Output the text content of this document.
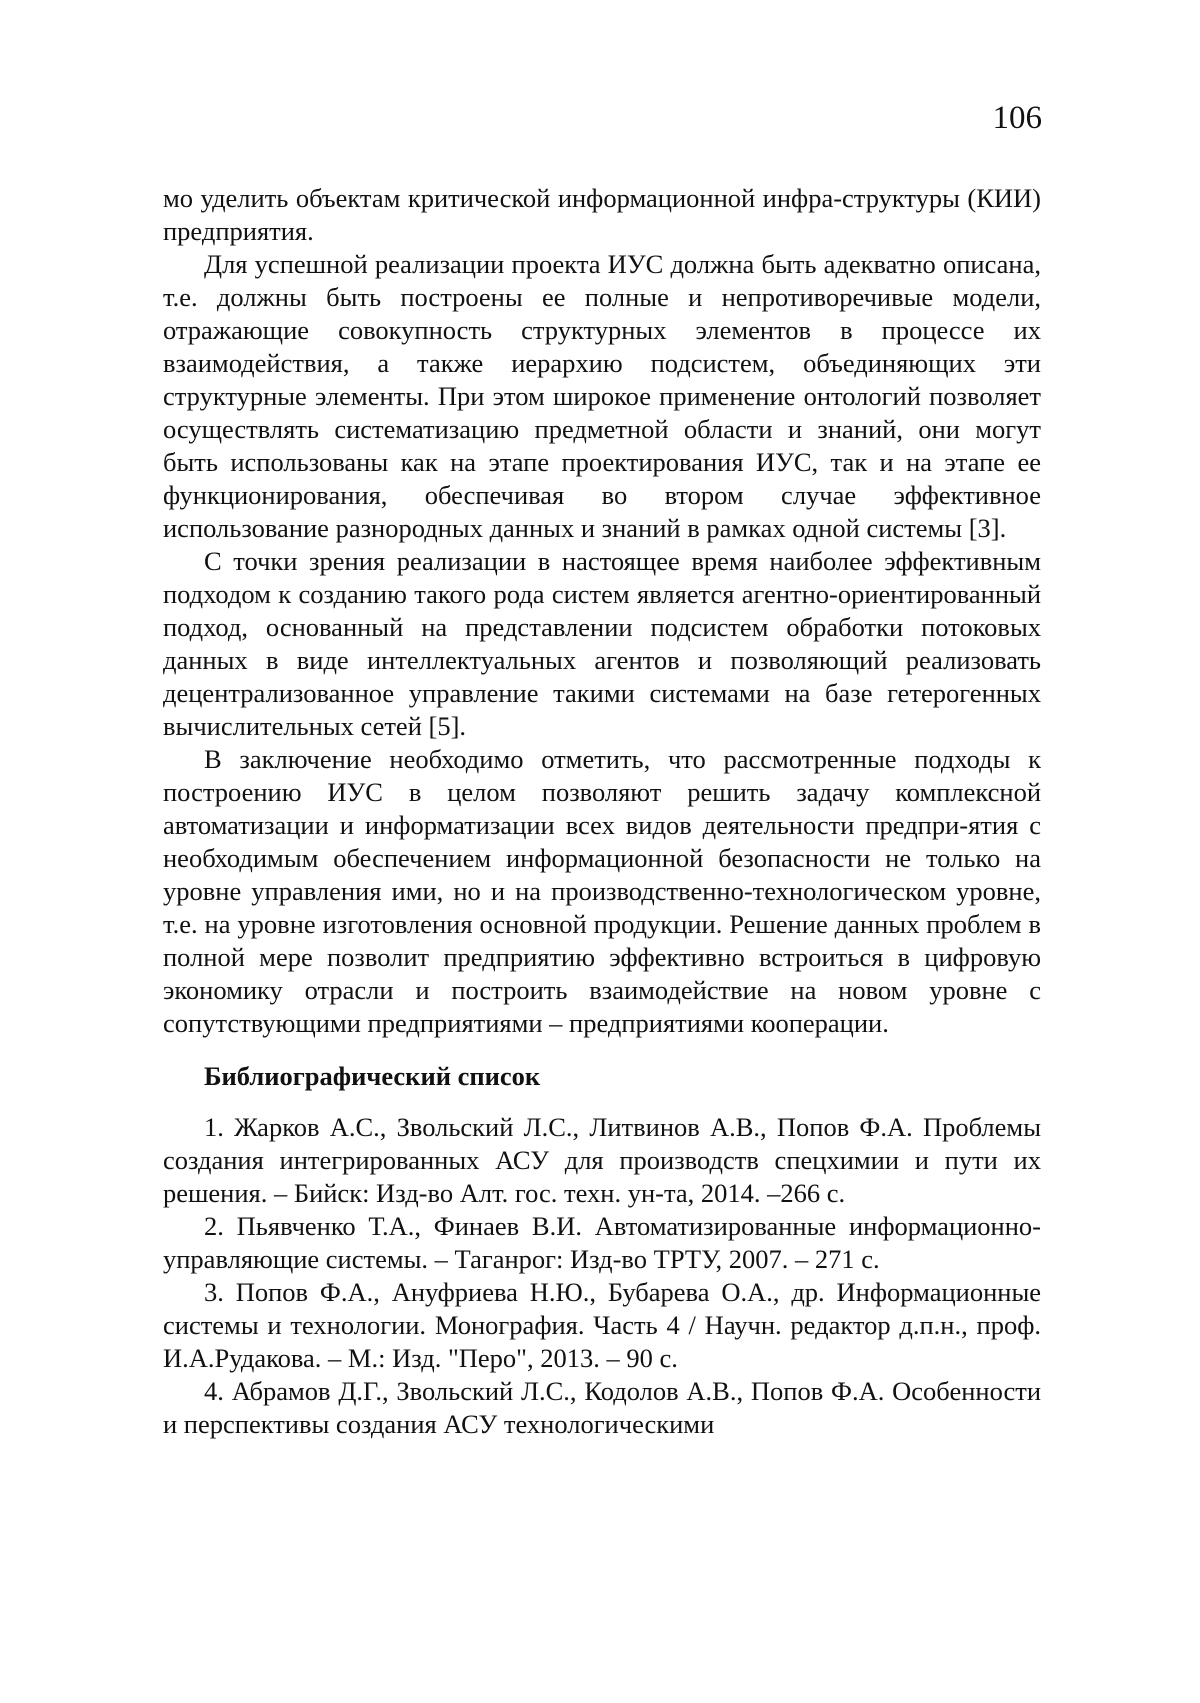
106

мо уделить объектам критической информационной инфра-структуры (КИИ) предприятия.

Для успешной реализации проекта ИУС должна быть адекватно описана, т.е. должны быть построены ее полные и непротиворечивые модели, отражающие совокупность структурных элементов в процессе их взаимодействия, а также иерархию подсистем, объединяющих эти структурные элементы. При этом широкое применение онтологий позволяет осуществлять систематизацию предметной области и знаний, они могут быть использованы как на этапе проектирования ИУС, так и на этапе ее функционирования, обеспечивая во втором случае эффективное использование разнородных данных и знаний в рамках одной системы [3].

С точки зрения реализации в настоящее время наиболее эффективным подходом к созданию такого рода систем является агентно-ориентированный подход, основанный на представлении подсистем обработки потоковых данных в виде интеллектуальных агентов и позволяющий реализовать децентрализованное управление такими системами на базе гетерогенных вычислительных сетей [5].

В заключение необходимо отметить, что рассмотренные подходы к построению ИУС в целом позволяют решить задачу комплексной автоматизации и информатизации всех видов деятельности предпри-ятия с необходимым обеспечением информационной безопасности не только на уровне управления ими, но и на производственно-технологическом уровне, т.е. на уровне изготовления основной продукции. Решение данных проблем в полной мере позволит предприятию эффективно встроиться в цифровую экономику отрасли и построить взаимодействие на новом уровне с сопутствующими предприятиями – предприятиями кооперации.

Библиографический список

1. Жарков А.С., Звольский Л.С., Литвинов А.В., Попов Ф.А. Проблемы создания интегрированных АСУ для производств спецхимии и пути их решения. – Бийск: Изд-во Алт. гос. техн. ун-та, 2014. –266 с.

2. Пьявченко Т.А., Финаев В.И. Автоматизированные информационно-управляющие системы. – Таганрог: Изд-во ТРТУ, 2007. – 271 с.

3. Попов Ф.А., Ануфриева Н.Ю., Бубарева О.А., др. Информационные системы и технологии. Монография. Часть 4 / Научн. редактор д.п.н., проф. И.А.Рудакова. – М.: Изд. "Перо", 2013. – 90 с.

4. Абрамов Д.Г., Звольский Л.С., Кодолов А.В., Попов Ф.А. Особенности и перспективы создания АСУ технологическими
